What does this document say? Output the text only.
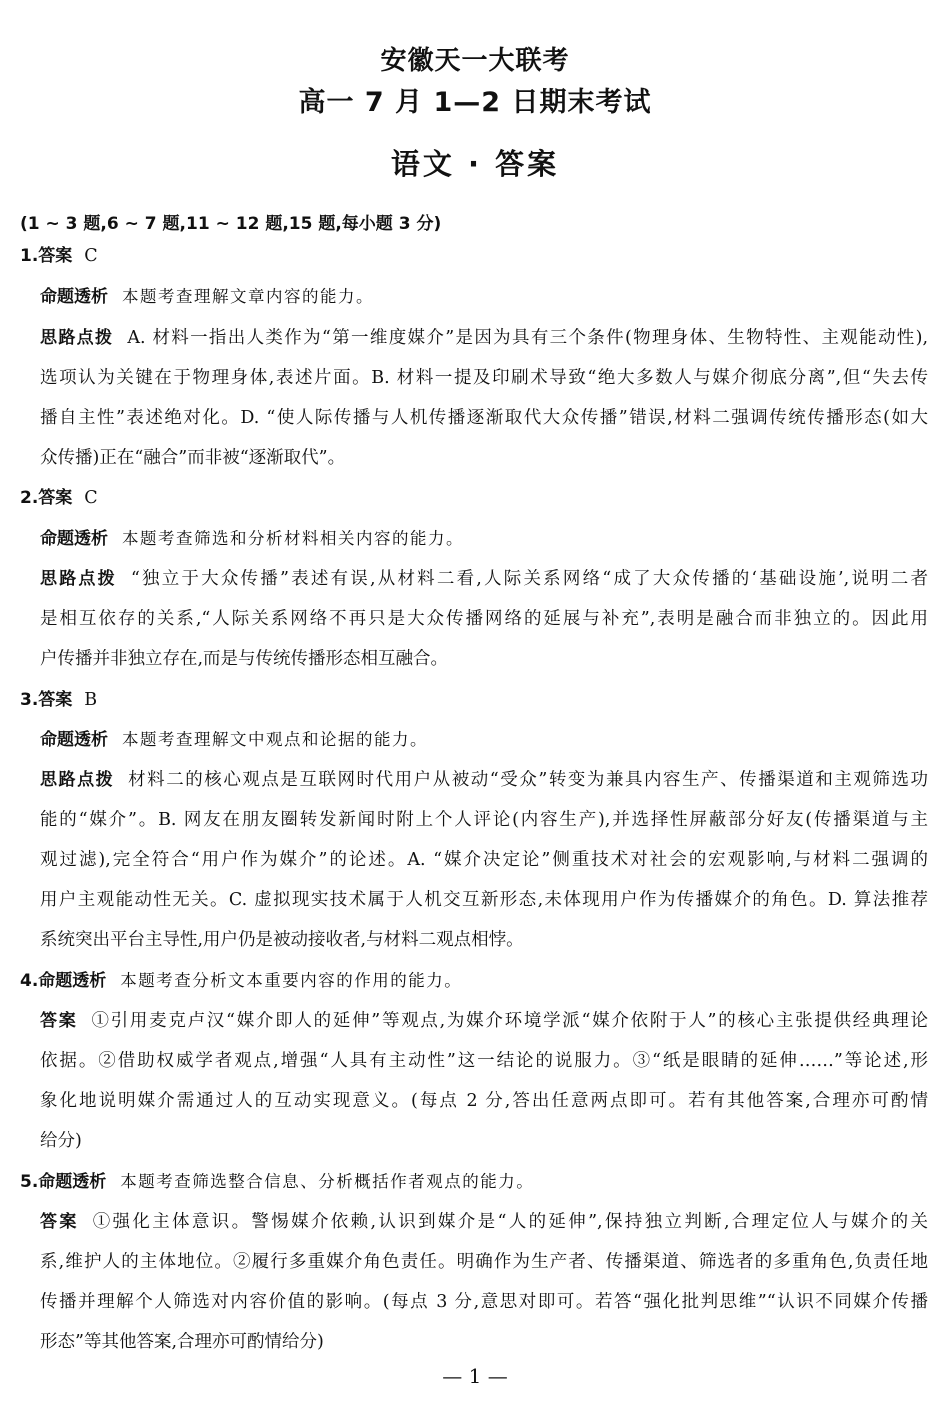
安徽天一大联考
高一 7 月 1—2 日期末考试
语文 · 答案
(1 ~ 3 题,6 ~ 7 题,11 ~ 12 题,15 题,每小题 3 分)
1.答案 C
命题透析 本题考查理解文章内容的能力。
思路点拨 A. 材料一指出人类作为“第一维度媒介”是因为具有三个条件(物理身体、生物特性、主观能动性),
选项认为关键在于物理身体,表述片面。B. 材料一提及印刷术导致“绝大多数人与媒介彻底分离”,但“失去传
播自主性”表述绝对化。D. “使人际传播与人机传播逐渐取代大众传播”错误,材料二强调传统传播形态(如大
众传播)正在“融合”而非被“逐渐取代”。
2.答案 C
命题透析 本题考查筛选和分析材料相关内容的能力。
思路点拨 “独立于大众传播”表述有误,从材料二看,人际关系网络“成了大众传播的‘基础设施’,说明二者
是相互依存的关系,“人际关系网络不再只是大众传播网络的延展与补充”,表明是融合而非独立的。因此用
户传播并非独立存在,而是与传统传播形态相互融合。
3.答案 B
命题透析 本题考查理解文中观点和论据的能力。
思路点拨 材料二的核心观点是互联网时代用户从被动“受众”转变为兼具内容生产、传播渠道和主观筛选功
能的“媒介”。B. 网友在朋友圈转发新闻时附上个人评论(内容生产),并选择性屏蔽部分好友(传播渠道与主
观过滤),完全符合“用户作为媒介”的论述。A. “媒介决定论”侧重技术对社会的宏观影响,与材料二强调的
用户主观能动性无关。C. 虚拟现实技术属于人机交互新形态,未体现用户作为传播媒介的角色。D. 算法推荐
系统突出平台主导性,用户仍是被动接收者,与材料二观点相悖。
4.命题透析 本题考查分析文本重要内容的作用的能力。
答案 ①引用麦克卢汉“媒介即人的延伸”等观点,为媒介环境学派“媒介依附于人”的核心主张提供经典理论
依据。②借助权威学者观点,增强“人具有主动性”这一结论的说服力。③“纸是眼睛的延伸……”等论述,形
象化地说明媒介需通过人的互动实现意义。(每点 2 分,答出任意两点即可。若有其他答案,合理亦可酌情
给分)
5.命题透析 本题考查筛选整合信息、分析概括作者观点的能力。
答案 ①强化主体意识。警惕媒介依赖,认识到媒介是“人的延伸”,保持独立判断,合理定位人与媒介的关
系,维护人的主体地位。②履行多重媒介角色责任。明确作为生产者、传播渠道、筛选者的多重角色,负责任地
传播并理解个人筛选对内容价值的影响。(每点 3 分,意思对即可。若答“强化批判思维”“认识不同媒介传播
形态”等其他答案,合理亦可酌情给分)
— 1 —
